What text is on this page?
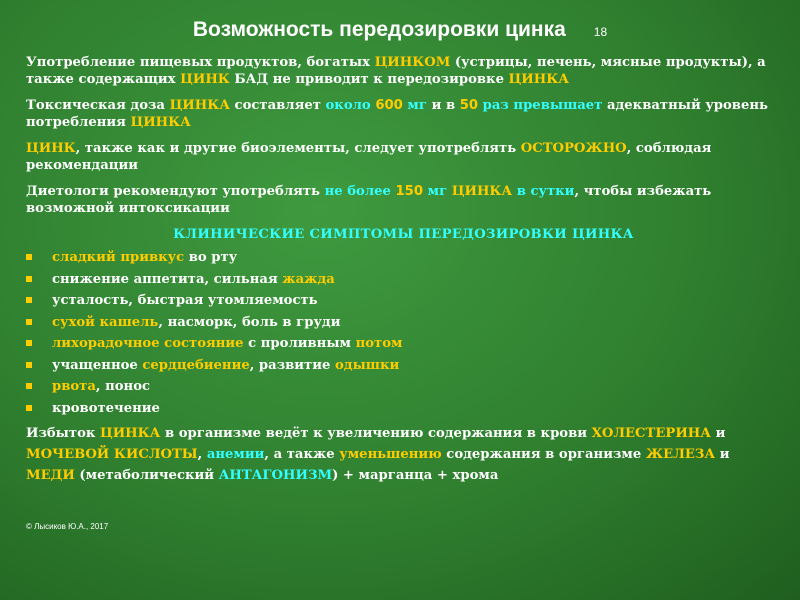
Возможность передозировки цинка 18

Употребление пищевых продуктов, богатых ЦИНКОМ (устрицы, печень, мясные продукты), а также содержащих ЦИНК БАД не приводит к передозировке ЦИНКА

Токсическая доза ЦИНКА составляет около 600 мг и в 50 раз превышает адекватный уровень потребления ЦИНКА

ЦИНК, также как и другие биоэлементы, следует употреблять ОСТОРОЖНО, соблюдая рекомендации

Диетологи рекомендуют употреблять не более 150 мг ЦИНКА в сутки, чтобы избежать возможной интоксикации

КЛИНИЧЕСКИЕ СИМПТОМЫ ПЕРЕДОЗИРОВКИ ЦИНКА
сладкий привкус во рту
снижение аппетита, сильная жажда
усталость, быстрая утомляемость
сухой кашель, насморк, боль в груди
лихорадочное состояние с проливным потом
учащенное сердцебиение, развитие одышки
рвота, понос
кровотечение

Избыток ЦИНКА в организме ведёт к увеличению содержания в крови ХОЛЕСТЕРИНА и МОЧЕВОЙ КИСЛОТЫ, анемии, а также уменьшению содержания в организме ЖЕЛЕЗА и МЕДИ (метаболический АНТАГОНИЗМ) + марганца + хрома

© Лысиков Ю.А., 2017
